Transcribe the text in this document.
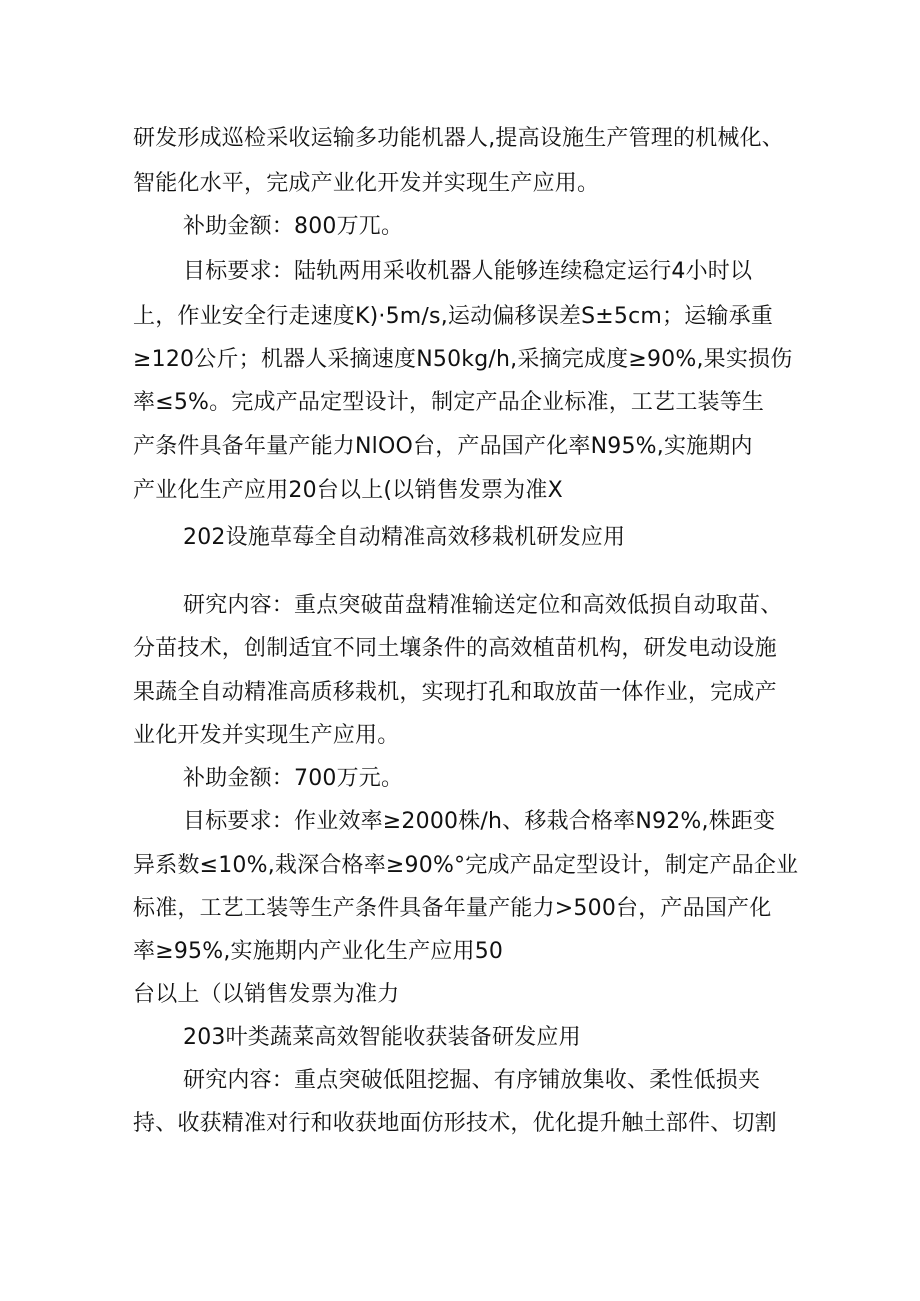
研发形成巡检采收运输多功能机器人,提高设施生产管理的机械化、
智能化水平，完成产业化开发并实现生产应用。
补助金额：800万兀。
目标要求：陆轨两用采收机器人能够连续稳定运行4小时以
上，作业安全行走速度K)·5m∕s,运动偏移误差S±5cm；运输承重
≥120公斤；机器人采摘速度N50kg/h,采摘完成度≥90%,果实损伤
率≤5%。完成产品定型设计，制定产品企业标准，工艺工装等生
产条件具备年量产能力NlOO台，产品国产化率N95%,实施期内
产业化生产应用20台以上(以销售发票为准X
202设施草莓全自动精准高效移栽机研发应用
研究内容：重点突破苗盘精准输送定位和高效低损自动取苗、
分苗技术，创制适宜不同土壤条件的高效植苗机构，研发电动设施
果蔬全自动精准高质移栽机，实现打孔和取放苗一体作业，完成产
业化开发并实现生产应用。
补助金额：700万元。
目标要求：作业效率≥2000株/h、移栽合格率N92%,株距变
异系数≤10%,栽深合格率≥90%°完成产品定型设计，制定产品企业
标准，工艺工装等生产条件具备年量产能力>500台，产品国产化
率≥95%,实施期内产业化生产应用50
台以上（以销售发票为准力
203叶类蔬菜高效智能收获装备研发应用
研究内容：重点突破低阻挖掘、有序铺放集收、柔性低损夹
持、收获精准对行和收获地面仿形技术，优化提升触土部件、切割
